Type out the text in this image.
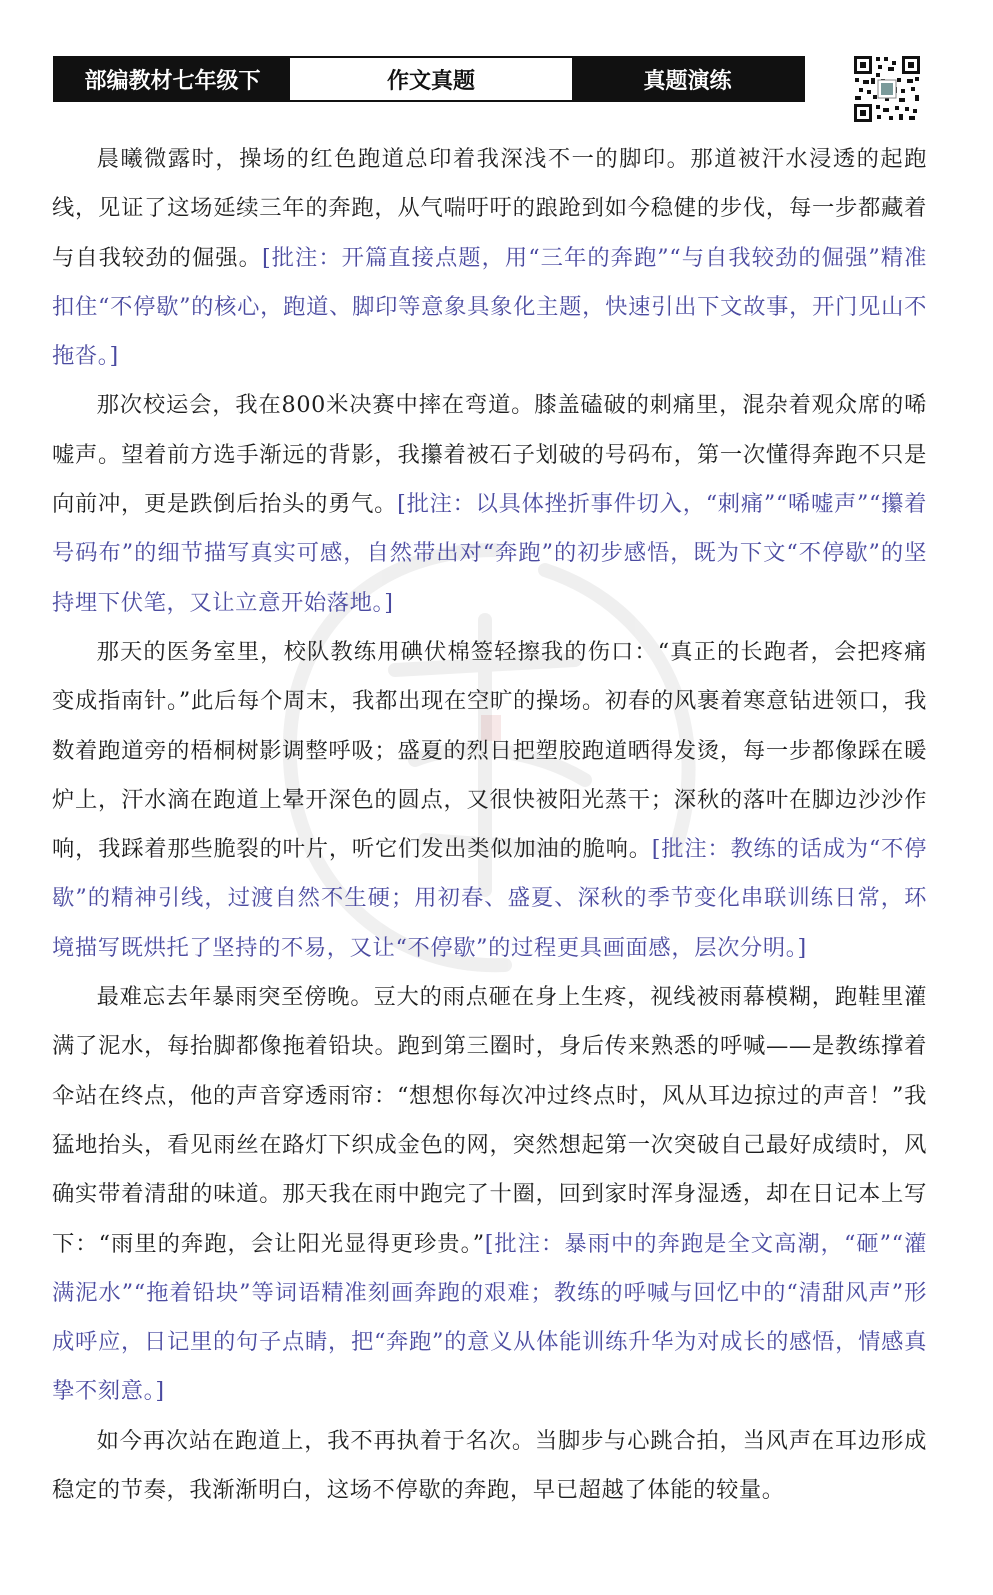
部编教材七年级下	作文真题	真题演练

晨曦微露时，操场的红色跑道总印着我深浅不一的脚印。那道被汗水浸透的起跑线，见证了这场延续三年的奔跑，从气喘吁吁的踉跄到如今稳健的步伐，每一步都藏着与自我较劲的倔强。[批注：开篇直接点题，用“三年的奔跑”“与自我较劲的倔强”精准扣住“不停歇”的核心，跑道、脚印等意象具象化主题，快速引出下文故事，开门见山不拖沓。]

那次校运会，我在800米决赛中摔在弯道。膝盖磕破的刺痛里，混杂着观众席的唏嘘声。望着前方选手渐远的背影，我攥着被石子划破的号码布，第一次懂得奔跑不只是向前冲，更是跌倒后抬头的勇气。[批注：以具体挫折事件切入，“刺痛”“唏嘘声”“攥着号码布”的细节描写真实可感，自然带出对“奔跑”的初步感悟，既为下文“不停歇”的坚持埋下伏笔，又让立意开始落地。]

那天的医务室里，校队教练用碘伏棉签轻擦我的伤口：“真正的长跑者，会把疼痛变成指南针。”此后每个周末，我都出现在空旷的操场。初春的风裹着寒意钻进领口，我数着跑道旁的梧桐树影调整呼吸；盛夏的烈日把塑胶跑道晒得发烫，每一步都像踩在暖炉上，汗水滴在跑道上晕开深色的圆点，又很快被阳光蒸干；深秋的落叶在脚边沙沙作响，我踩着那些脆裂的叶片，听它们发出类似加油的脆响。[批注：教练的话成为“不停歇”的精神引线，过渡自然不生硬；用初春、盛夏、深秋的季节变化串联训练日常，环境描写既烘托了坚持的不易，又让“不停歇”的过程更具画面感，层次分明。]

最难忘去年暴雨突至傍晚。豆大的雨点砸在身上生疼，视线被雨幕模糊，跑鞋里灌满了泥水，每抬脚都像拖着铅块。跑到第三圈时，身后传来熟悉的呼喊——是教练撑着伞站在终点，他的声音穿透雨帘：“想想你每次冲过终点时，风从耳边掠过的声音！”我猛地抬头，看见雨丝在路灯下织成金色的网，突然想起第一次突破自己最好成绩时，风确实带着清甜的味道。那天我在雨中跑完了十圈，回到家时浑身湿透，却在日记本上写下：“雨里的奔跑，会让阳光显得更珍贵。”[批注：暴雨中的奔跑是全文高潮，“砸”“灌满泥水”“拖着铅块”等词语精准刻画奔跑的艰难；教练的呼喊与回忆中的“清甜风声”形成呼应，日记里的句子点睛，把“奔跑”的意义从体能训练升华为对成长的感悟，情感真挚不刻意。]

如今再次站在跑道上，我不再执着于名次。当脚步与心跳合拍，当风声在耳边形成稳定的节奏，我渐渐明白，这场不停歇的奔跑，早已超越了体能的较量。
